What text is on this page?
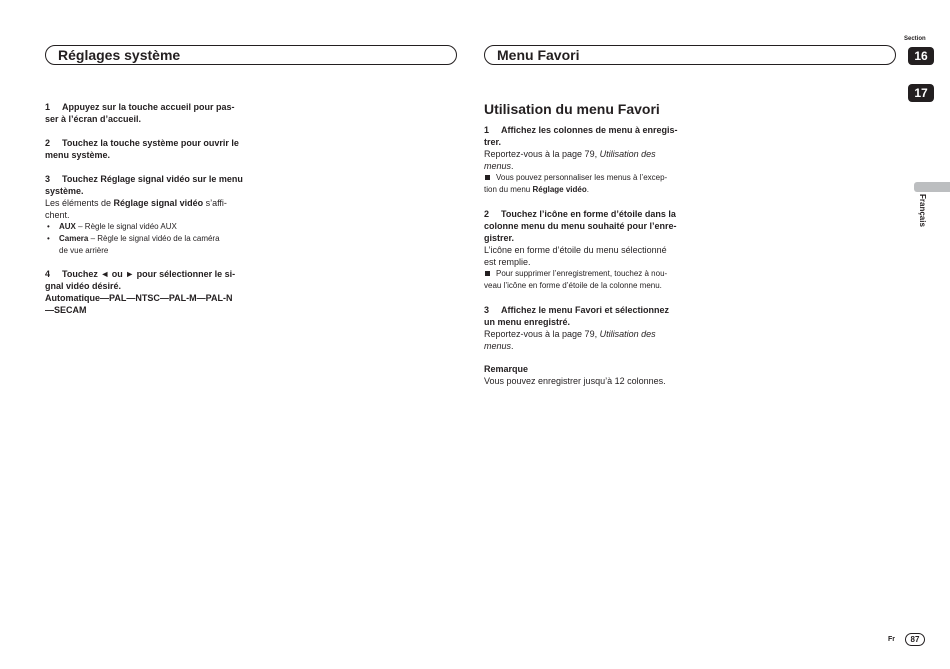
Réglages système	Menu Favori
1 Appuyez sur la touche accueil pour pas-
ser à l’écran d’accueil.
2 Touchez la touche système pour ouvrir le
menu système.
3 Touchez Réglage signal vidéo sur le menu
système.
Les éléments de Réglage signal vidéo s’affi-
chent.
• AUX – Règle le signal vidéo AUX
• Camera – Règle le signal vidéo de la caméra
de vue arrière
4 Touchez ◄ ou ► pour sélectionner le si-
gnal vidéo désiré.
Automatique—PAL—NTSC—PAL-M—PAL-N
—SECAM
Utilisation du menu Favori
1 Affichez les colonnes de menu à enregis-
trer.
Reportez-vous à la page 79, Utilisation des
menus.
Vous pouvez personnaliser les menus à l’excep-
tion du menu Réglage vidéo.
2 Touchez l’icône en forme d’étoile dans la
colonne menu du menu souhaité pour l’enre-
gistrer.
L’icône en forme d’étoile du menu sélectionné
est remplie.
Pour supprimer l’enregistrement, touchez à nou-
veau l’icône en forme d’étoile de la colonne menu.
3 Affichez le menu Favori et sélectionnez
un menu enregistré.
Reportez-vous à la page 79, Utilisation des
menus.
Remarque
Vous pouvez enregistrer jusqu’à 12 colonnes.
Section
16
17
Français
Fr	87
